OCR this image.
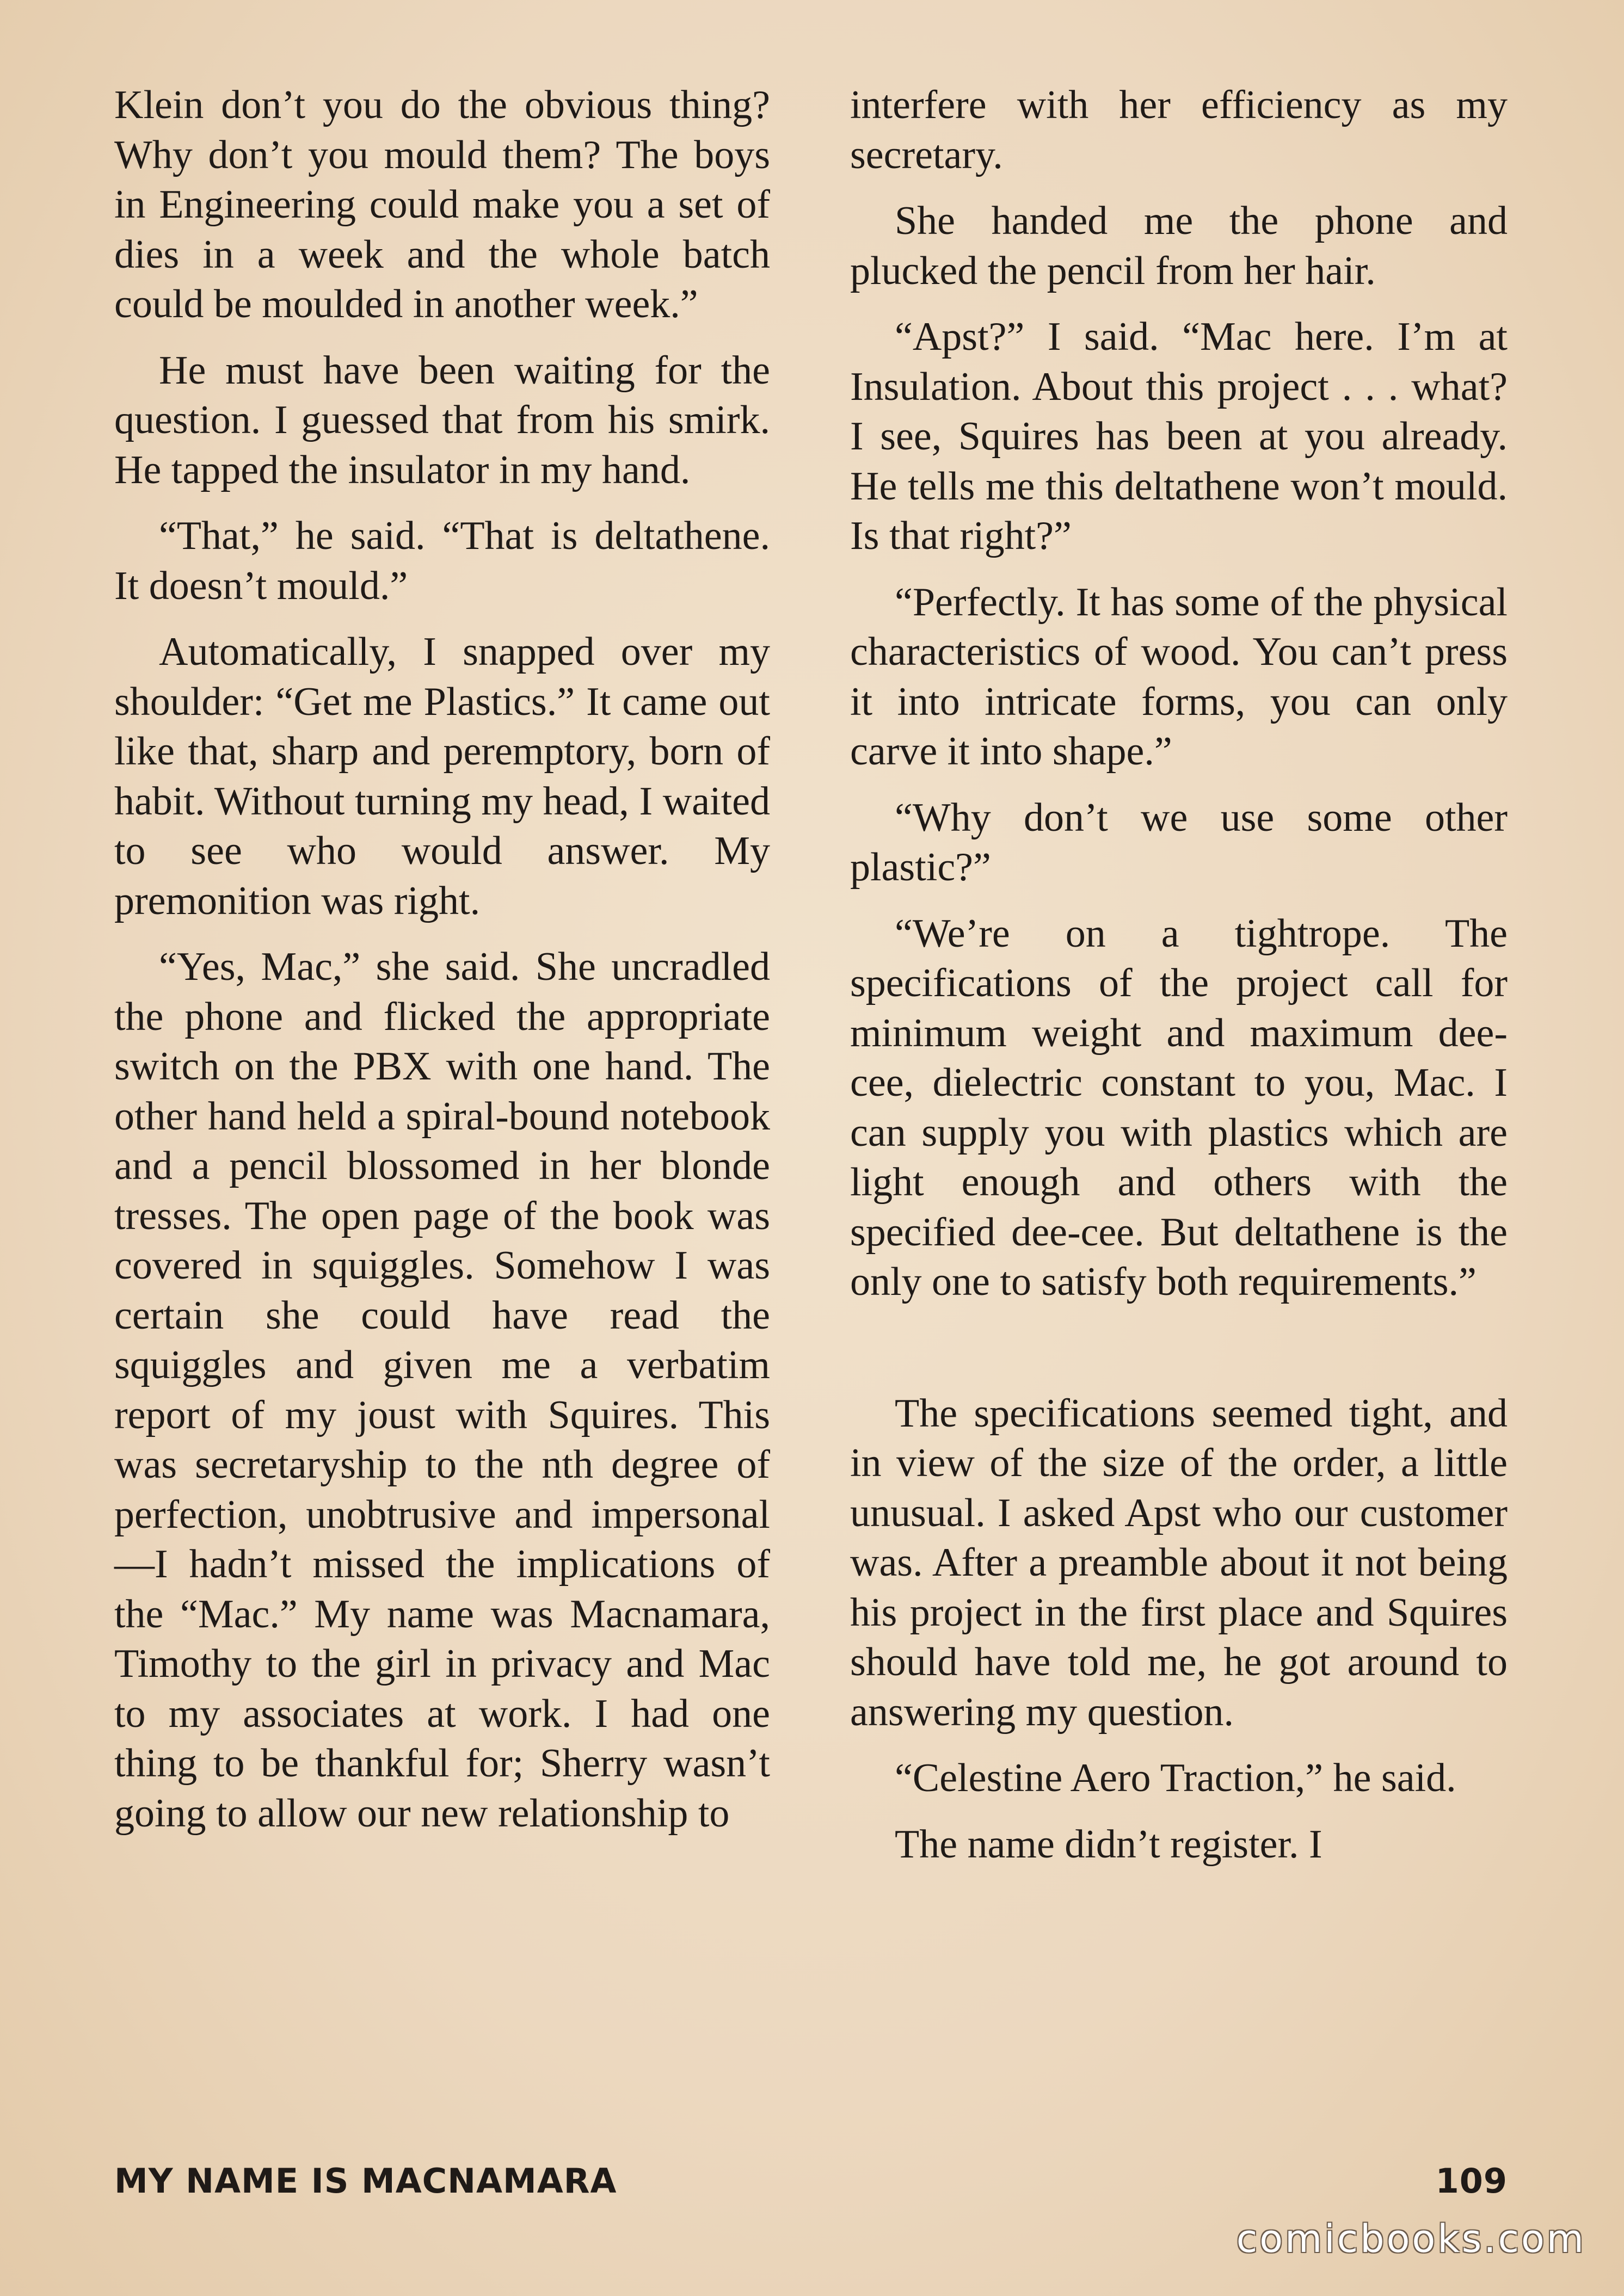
Klein don’t you do the obvious thing? Why don’t you mould them? The boys in Engineering could make you a set of dies in a week and the whole batch could be moulded in another week.”

He must have been waiting for the question. I guessed that from his smirk. He tapped the insulator in my hand.

“That,” he said. “That is deltathene. It doesn’t mould.”

Automatically, I snapped over my shoulder: “Get me Plastics.” It came out like that, sharp and peremptory, born of habit. Without turning my head, I waited to see who would answer. My premonition was right.

“Yes, Mac,” she said. She uncradled the phone and flicked the appropriate switch on the PBX with one hand. The other hand held a spiral-bound notebook and a pencil blossomed in her blonde tresses. The open page of the book was covered in squiggles. Somehow I was certain she could have read the squiggles and given me a verbatim report of my joust with Squires. This was secretaryship to the nth degree of perfection, unobtrusive and impersonal—I hadn’t missed the implications of the “Mac.” My name was Macnamara, Timothy to the girl in privacy and Mac to my associates at work. I had one thing to be thankful for; Sherry wasn’t going to allow our new relationship to

interfere with her efficiency as my secretary.

She handed me the phone and plucked the pencil from her hair.

“Apst?” I said. “Mac here. I’m at Insulation. About this project . . . what? I see, Squires has been at you already. He tells me this deltathene won’t mould. Is that right?”

“Perfectly. It has some of the physical characteristics of wood. You can’t press it into intricate forms, you can only carve it into shape.”

“Why don’t we use some other plastic?”

“We’re on a tightrope. The specifications of the project call for minimum weight and maximum dee-cee, dielectric constant to you, Mac. I can supply you with plastics which are light enough and others with the specified dee-cee. But deltathene is the only one to satisfy both requirements.”

The specifications seemed tight, and in view of the size of the order, a little unusual. I asked Apst who our customer was. After a preamble about it not being his project in the first place and Squires should have told me, he got around to answering my question.

“Celestine Aero Traction,” he said.

The name didn’t register. I

MY NAME IS MACNAMARA	109
comicbooks.com
